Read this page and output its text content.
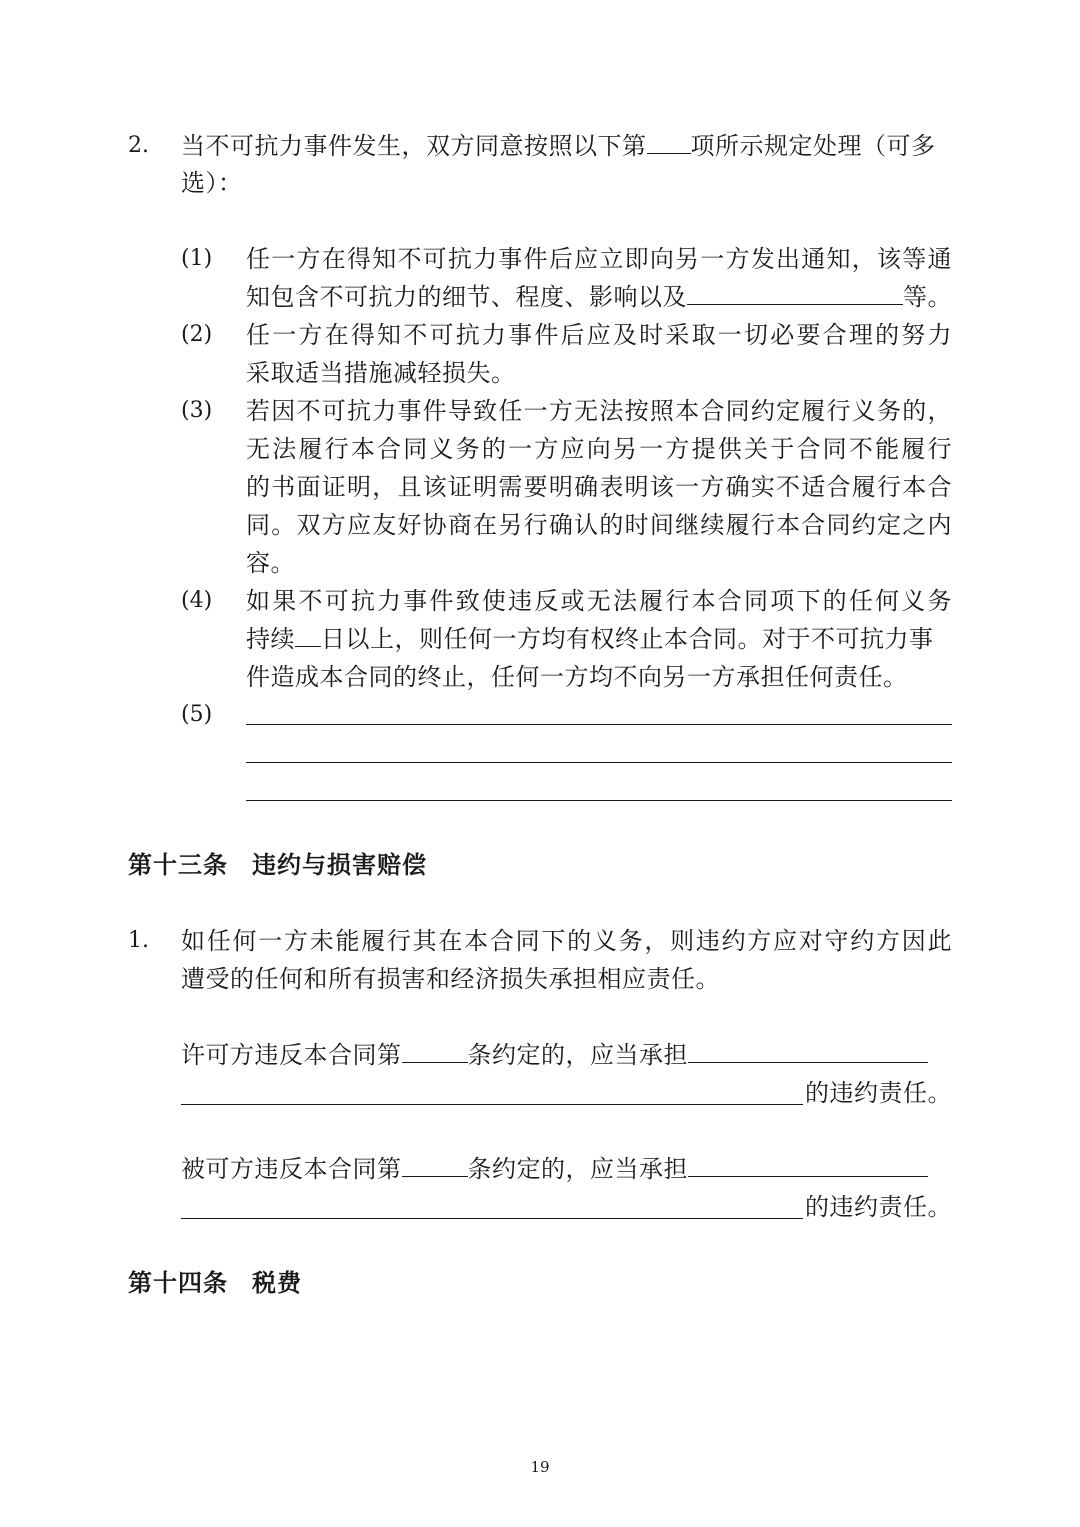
2. 当不可抗力事件发生，双方同意按照以下第 项所示规定处理（可多
选）：
(1) 任一方在得知不可抗力事件后应立即向另一方发出通知，该等通
知包含不可抗力的细节、程度、影响以及	等。
(2) 任一方在得知不可抗力事件后应及时采取一切必要合理的努力
采取适当措施减轻损失。
(3) 若因不可抗力事件导致任一方无法按照本合同约定履行义务的，
无法履行本合同义务的一方应向另一方提供关于合同不能履行
的书面证明，且该证明需要明确表明该一方确实不适合履行本合
同。双方应友好协商在另行确认的时间继续履行本合同约定之内
容。
(4) 如果不可抗力事件致使违反或无法履行本合同项下的任何义务
持续 日以上，则任何一方均有权终止本合同。对于不可抗力事
件造成本合同的终止，任何一方均不向另一方承担任何责任。
(5)
第十三条 违约与损害赔偿
1. 如任何一方未能履行其在本合同下的义务，则违约方应对守约方因此
遭受的任何和所有损害和经济损失承担相应责任。
许可方违反本合同第	条约定的，应当承担
的违约责任。
被可方违反本合同第	条约定的，应当承担
的违约责任。
第十四条 税费
19
